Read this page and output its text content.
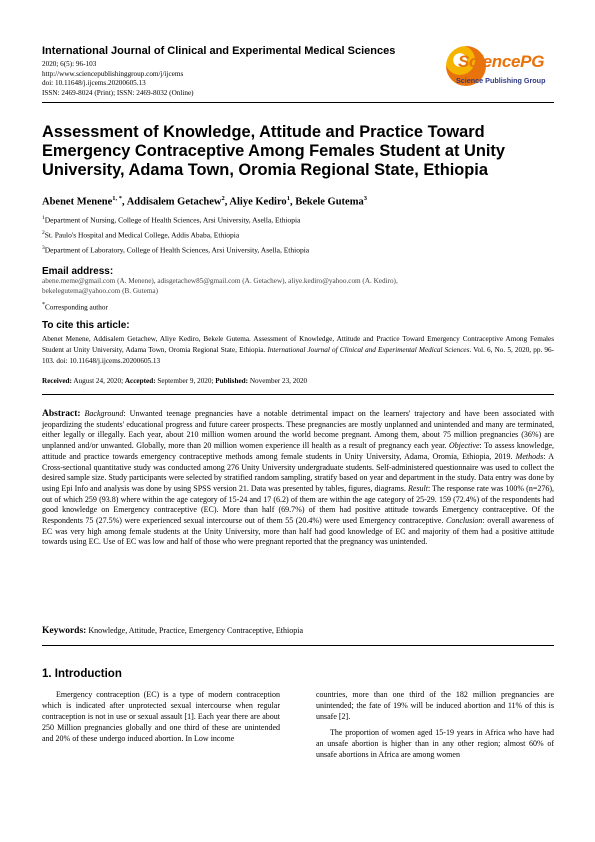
International Journal of Clinical and Experimental Medical Sciences
2020; 6(5): 96-103
http://www.sciencepublishinggroup.com/j/ijcems
doi: 10.11648/j.ijcems.20200605.13
ISSN: 2469-8024 (Print); ISSN: 2469-8032 (Online)
SciencePG
Science Publishing Group
Assessment of Knowledge, Attitude and Practice Toward Emergency Contraceptive Among Females Student at Unity University, Adama Town, Oromia Regional State, Ethiopia
Abenet Menene$^{1, *}$, Addisalem Getachew$^2$, Aliye Kediro$^1$, Bekele Gutema$^3$
$^1$Department of Nursing, College of Health Sciences, Arsi University, Asella, Ethiopia
$^2$St. Paulo's Hospital and Medical College, Addis Ababa, Ethiopia
$^3$Department of Laboratory, College of Health Sciences, Arsi University, Asella, Ethiopia
Email address:
abene.meme@gmail.com (A. Menene), adisgetachew85@gmail.com (A. Getachew), aliye.kediro@yahoo.com (A. Kediro),
bekelegutema@yahoo.com (B. Gutema)
*Corresponding author
To cite this article:
Abenet Menene, Addisalem Getachew, Aliye Kediro, Bekele Gutema. Assessment of Knowledge, Attitude and Practice Toward Emergency Contraceptive Among Females Student at Unity University, Adama Town, Oromia Regional State, Ethiopia. International Journal of Clinical and Experimental Medical Sciences. Vol. 6, No. 5, 2020, pp. 96-103. doi: 10.11648/j.ijcems.20200605.13
Received: August 24, 2020; Accepted: September 9, 2020; Published: November 23, 2020
Abstract: Background: Unwanted teenage pregnancies have a notable detrimental impact on the learners' trajectory and have been associated with jeopardizing the students' educational progress and future career prospects. These pregnancies are mostly unplanned and unintended and many are terminated, either legally or illegally. Each year, about 210 million women around the world become pregnant. Among them, about 75 million pregnancies (36%) are unplanned and/or unwanted. Globally, more than 20 million women experience ill health as a result of pregnancy each year. Objective: To assess knowledge, attitude and practice towards emergency contraceptive methods among female students in Unity University, Adama, Oromia, Ethiopia, 2019. Methods: A Cross-sectional quantitative study was conducted among 276 Unity University undergraduate students. Self-administered questionnaire was used to collect the desired sample size. Study participants were selected by stratified random sampling, stratify based on year and department in the study. Data entry was done by using Epi Info and analysis was done by using SPSS version 21. Data was presented by tables, figures, diagrams. Result: The response rate was 100% (n=276), out of which 259 (93.8) where within the age category of 15-24 and 17 (6.2) of them are within the age category of 25-29. 159 (72.4%) of the respondents had good knowledge on Emergency contraceptive (EC). More than half (69.7%) of them had positive attitude towards Emergency contraceptive. Of the Respondents 75 (27.5%) were experienced sexual intercourse out of them 55 (20.4%) were used Emergency contraceptive. Conclusion: overall awareness of EC was very high among female students at the Unity University, more than half had good knowledge of EC and majority of them had a positive attitude towards using EC. Use of EC was low and half of those who were pregnant reported that the pregnancy was unintended.
Keywords: Knowledge, Attitude, Practice, Emergency Contraceptive, Ethiopia
1. Introduction
Emergency contraception (EC) is a type of modern contraception which is indicated after unprotected sexual intercourse when regular contraception is not in use or sexual assault [1]. Each year there are about 250 Million pregnancies globally and one third of these are unintended and 20% of these undergo induced abortion. In Low income
countries, more than one third of the 182 million pregnancies are unintended; the fate of 19% will be induced abortion and 11% of this is unsafe [2].
The proportion of women aged 15-19 years in Africa who have had an unsafe abortion is higher than in any other region; almost 60% of unsafe abortions in Africa are among women
